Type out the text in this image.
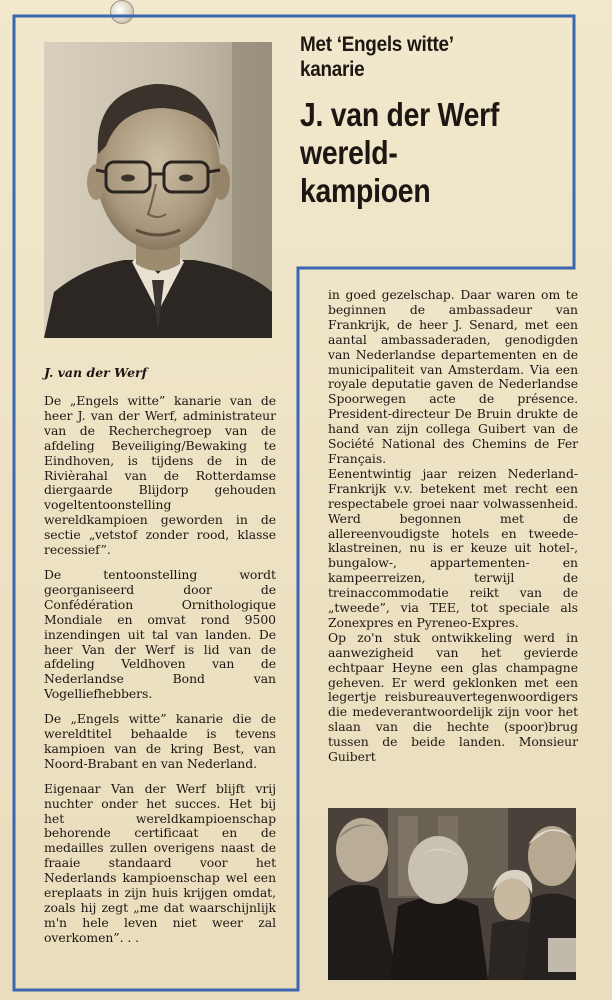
Met ‘Engels witte’
kanarie
J. van der Werf
wereld-
kampioen
J. van der Werf

De „Engels witte” kanarie van de heer J. van der Werf, administrateur van de Recherchegroep van de afdeling Beveiliging/Bewaking te Eindhoven, is tijdens de in de Rivièrahal van de Rotterdamse diergaarde Blijdorp gehouden vogeltentoonstelling wereldkampioen geworden in de sectie „vetstof zonder rood, klasse recessief”.

De tentoonstelling wordt georganiseerd door de Confédération Ornithologique Mondiale en omvat rond 9500 inzendingen uit tal van landen. De heer Van der Werf is lid van de afdeling Veldhoven van de Nederlandse Bond van Vogelliefhebbers.

De „Engels witte” kanarie die de wereldtitel behaalde is tevens kampioen van de kring Best, van Noord-Brabant en van Nederland.

Eigenaar Van der Werf blijft vrij nuchter onder het succes. Het bij het wereldkampioenschap behorende certificaat en de medailles zullen overigens naast de fraaie standaard voor het Nederlands kampioenschap wel een ereplaats in zijn huis krijgen omdat, zoals hij zegt „me dat waarschijnlijk m'n hele leven niet weer zal overkomen”. . .

in goed gezelschap. Daar waren om te beginnen de ambassadeur van Frankrijk, de heer J. Senard, met een aantal ambassaderaden, genodigden van Nederlandse departementen en de municipaliteit van Amsterdam. Via een royale deputatie gaven de Nederlandse Spoorwegen acte de présence. President-directeur De Bruin drukte de hand van zijn collega Guibert van de Société National des Chemins de Fer Français.

Eenentwintig jaar reizen Nederland-Frankrijk v.v. betekent met recht een respectabele groei naar volwassenheid. Werd begonnen met de allereenvoudigste hotels en tweede-klastreinen, nu is er keuze uit hotel-, bungalow-, appartementen- en kampeerreizen, terwijl de treinaccommodatie reikt van de „tweede”, via TEE, tot speciale als Zonexpres en Pyreneo-Expres.

Op zo'n stuk ontwikkeling werd in aanwezigheid van het gevierde echtpaar Heyne een glas champagne geheven. Er werd geklonken met een legertje reisbureauvertegenwoordigers die medeverantwoordelijk zijn voor het slaan van die hechte (spoor)brug tussen de beide landen. Monsieur Guibert
